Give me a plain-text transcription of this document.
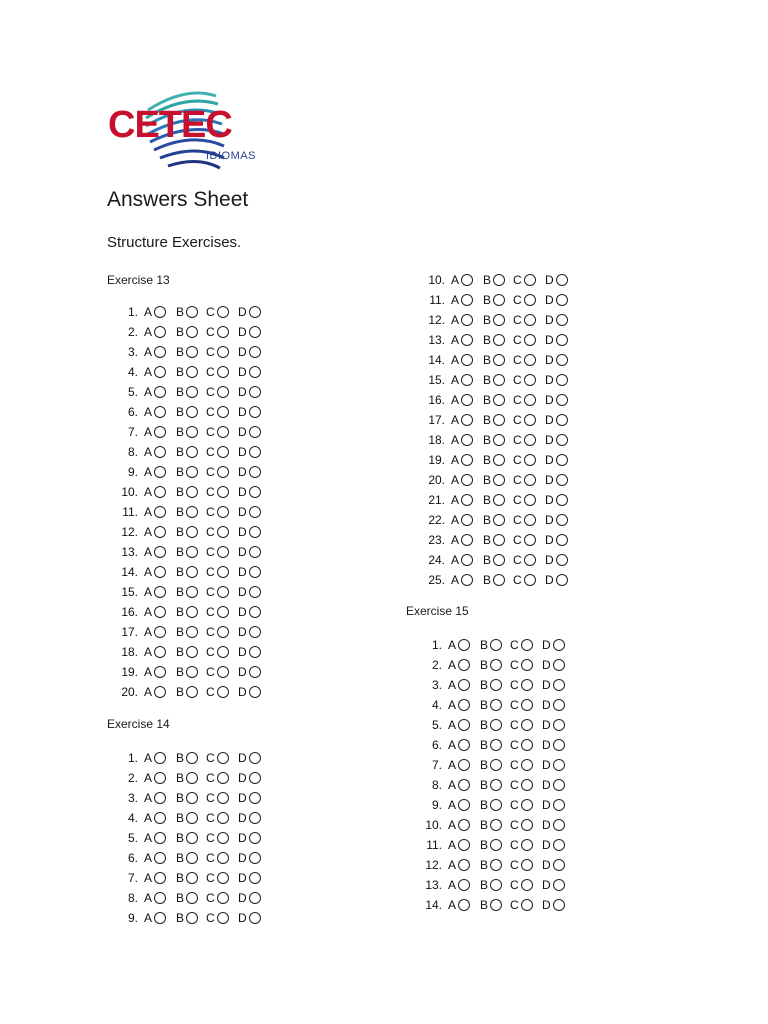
CETEC
IDIOMAS
Answers Sheet
Structure Exercises.
Exercise 13
1. A	B	C	D
2. A	B	C	D
3. A	B	C	D
4. A	B	C	D
5. A	B	C	D
6. A	B	C	D
7. A	B	C	D
8. A	B	C	D
9. A	B	C	D
10. A	B	C	D
11. A	B	C	D
12. A	B	C	D
13. A	B	C	D
14. A	B	C	D
15. A	B	C	D
16. A	B	C	D
17. A	B	C	D
18. A	B	C	D
19. A	B	C	D
20. A	B	C	D
Exercise 14
1. A	B	C	D
2. A	B	C	D
3. A	B	C	D
4. A	B	C	D
5. A	B	C	D
6. A	B	C	D
7. A	B	C	D
8. A	B	C	D
9. A	B	C	D
10. A	B	C	D
11. A	B	C	D
12. A	B	C	D
13. A	B	C	D
14. A	B	C	D
15. A	B	C	D
16. A	B	C	D
17. A	B	C	D
18. A	B	C	D
19. A	B	C	D
20. A	B	C	D
21. A	B	C	D
22. A	B	C	D
23. A	B	C	D
24. A	B	C	D
25. A	B	C	D
Exercise 15
1. A	B	C	D
2. A	B	C	D
3. A	B	C	D
4. A	B	C	D
5. A	B	C	D
6. A	B	C	D
7. A	B	C	D
8. A	B	C	D
9. A	B	C	D
10. A	B	C	D
11. A	B	C	D
12. A	B	C	D
13. A	B	C	D
14. A	B	C	D
